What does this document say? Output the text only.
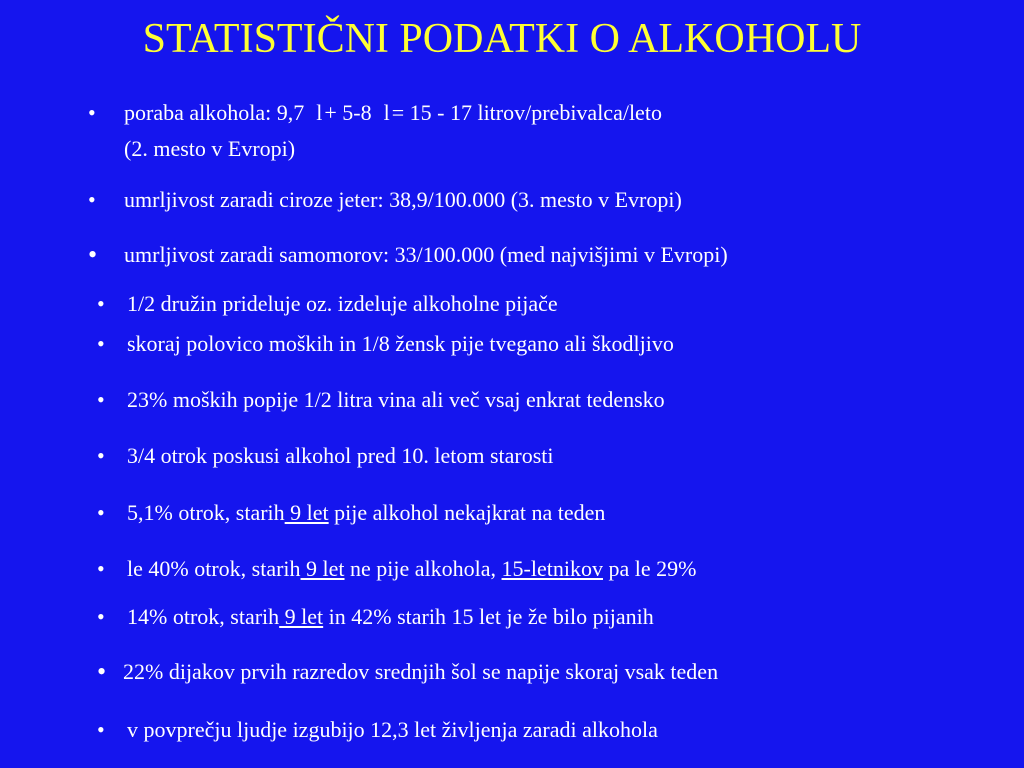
STATISTIČNI PODATKI O ALKOHOLU
• poraba alkohola: 9,7 l+ 5-8 l= 15 - 17 litrov/prebivalca/leto
(2. mesto v Evropi)
• umrljivost zaradi ciroze jeter: 38,9/100.000 (3. mesto v Evropi)
• umrljivost zaradi samomorov: 33/100.000 (med najvišjimi v Evropi)
• 1/2 družin prideluje oz. izdeluje alkoholne pijače
• skoraj polovico moških in 1/8 žensk pije tvegano ali škodljivo
• 23% moških popije 1/2 litra vina ali več vsaj enkrat tedensko
• 3/4 otrok poskusi alkohol pred 10. letom starosti
• 5,1% otrok, starih 9 let pije alkohol nekajkrat na teden
• le 40% otrok, starih 9 let ne pije alkohola, 15-letnikov pa le 29%
• 14% otrok, starih 9 let in 42% starih 15 let je že bilo pijanih
• 22% dijakov prvih razredov srednjih šol se napije skoraj vsak teden
• v povprečju ljudje izgubijo 12,3 let življenja zaradi alkohola
